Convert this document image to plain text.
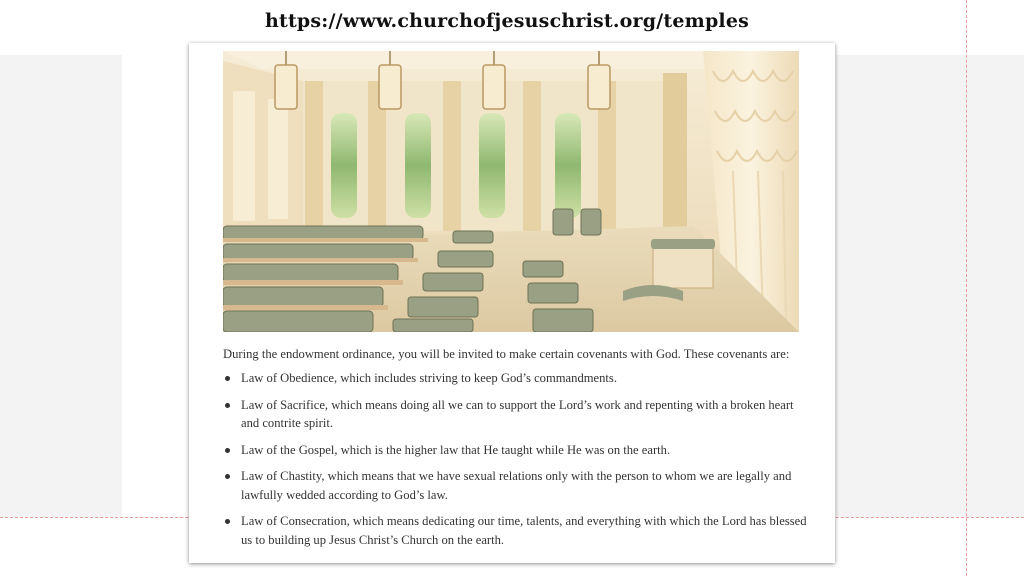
https://www.churchofjesuschrist.org/temples
During the endowment ordinance, you will be invited to make certain covenants with God. These covenants are:
Law of Obedience, which includes striving to keep God’s commandments.
Law of Sacrifice, which means doing all we can to support the Lord’s work and repenting with a broken heart and contrite spirit.
Law of the Gospel, which is the higher law that He taught while He was on the earth.
Law of Chastity, which means that we have sexual relations only with the person to whom we are legally and lawfully wedded according to God’s law.
Law of Consecration, which means dedicating our time, talents, and everything with which the Lord has blessed us to building up Jesus Christ’s Church on the earth.
